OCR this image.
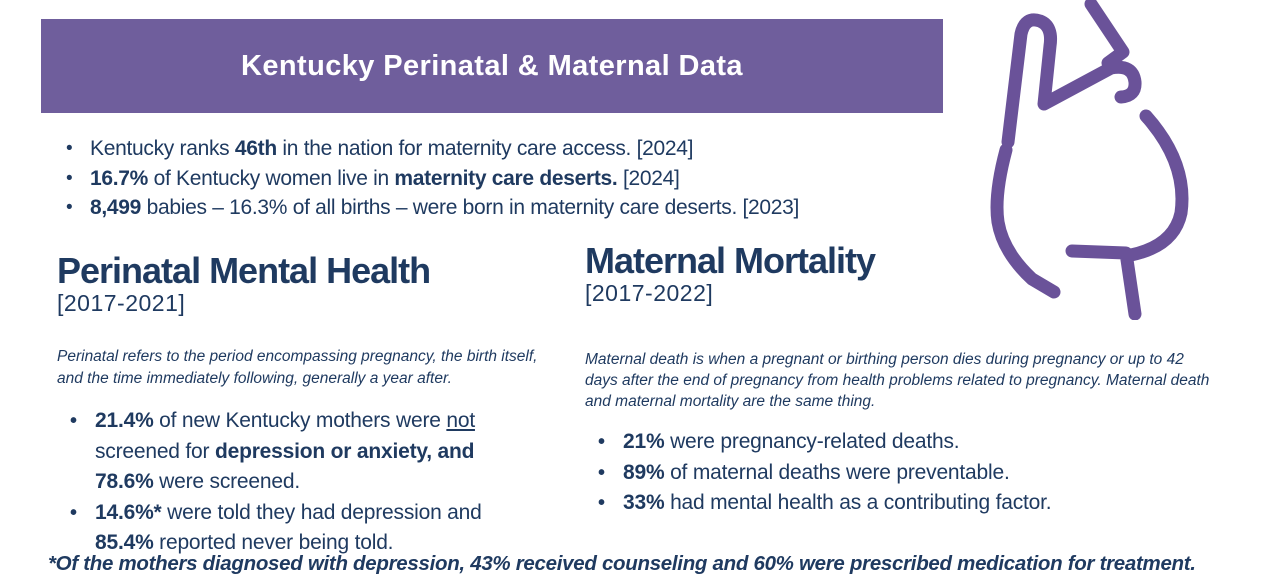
Kentucky Perinatal & Maternal Data
• Kentucky ranks 46th in the nation for maternity care access. [2024]
• 16.7% of Kentucky women live in maternity care deserts. [2024]
• 8,499 babies – 16.3% of all births – were born in maternity care deserts. [2023]
Perinatal Mental Health
[2017-2021]

Perinatal refers to the period encompassing pregnancy, the birth itself, and the time immediately following, generally a year after.

• 21.4% of new Kentucky mothers were not screened for depression or anxiety, and 78.6% were screened.
• 14.6%* were told they had depression and 85.4% reported never being told.
Maternal Mortality
[2017-2022]

Maternal death is when a pregnant or birthing person dies during pregnancy or up to 42 days after the end of pregnancy from health problems related to pregnancy. Maternal death and maternal mortality are the same thing.

• 21% were pregnancy-related deaths.
• 89% of maternal deaths were preventable.
• 33% had mental health as a contributing factor.

*Of the mothers diagnosed with depression, 43% received counseling and 60% were prescribed medication for treatment.
